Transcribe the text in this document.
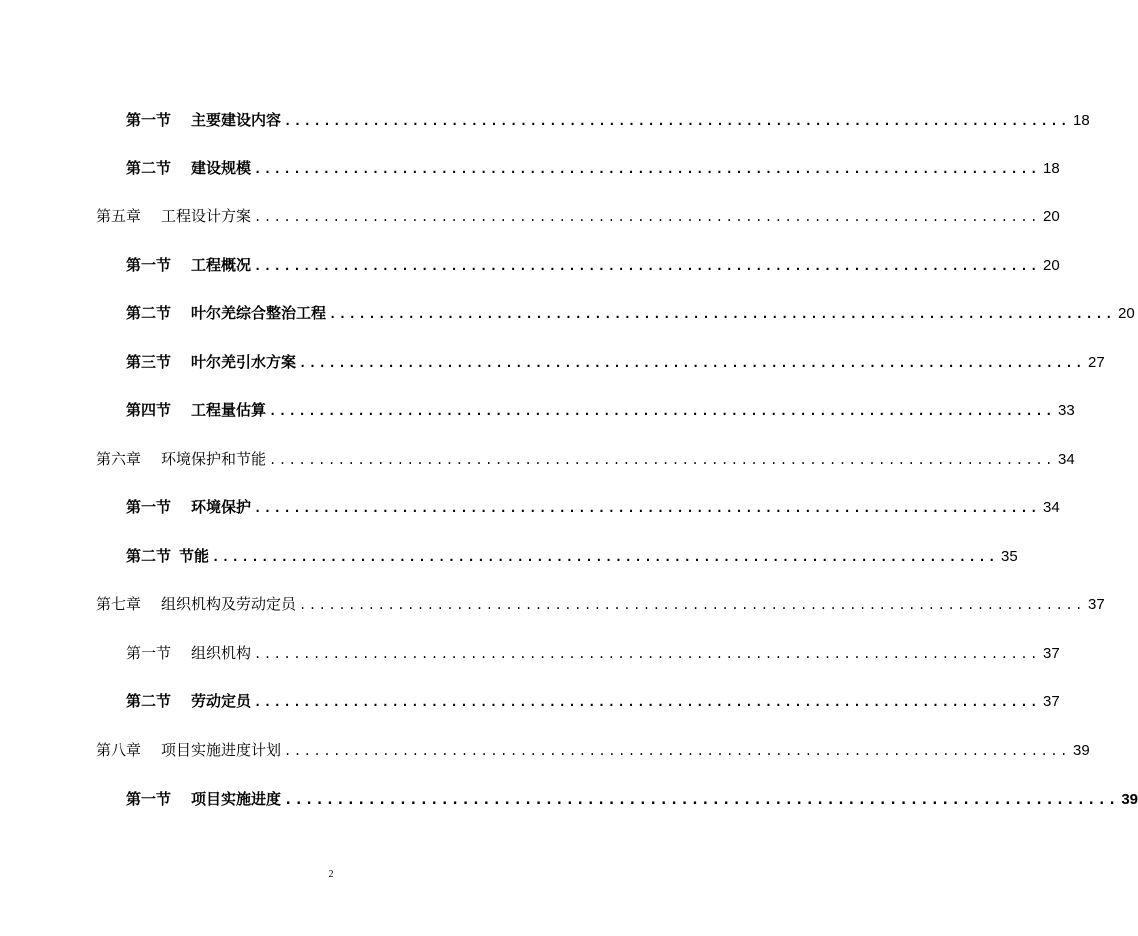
第一节	主要建设内容 ................................................................................ 18
第二节	建设规模 ................................................................................ 18
第五章	工程设计方案 ................................................................................ 20
第一节	工程概况 ................................................................................ 20
第二节	叶尔羌综合整治工程 ................................................................................ 20
第三节	叶尔羌引水方案 ................................................................................ 27
第四节	工程量估算 ................................................................................ 33
第六章	环境保护和节能 ................................................................................ 34
第一节	环境保护 ................................................................................ 34
第二节 节能 ................................................................................ 35
第七章	组织机构及劳动定员 ................................................................................ 37
第一节	组织机构 ................................................................................ 37
第二节	劳动定员 ................................................................................ 37
第八章	项目实施进度计划 ................................................................................ 39
第一节	项目实施进度 ................................................................................ 39
2
